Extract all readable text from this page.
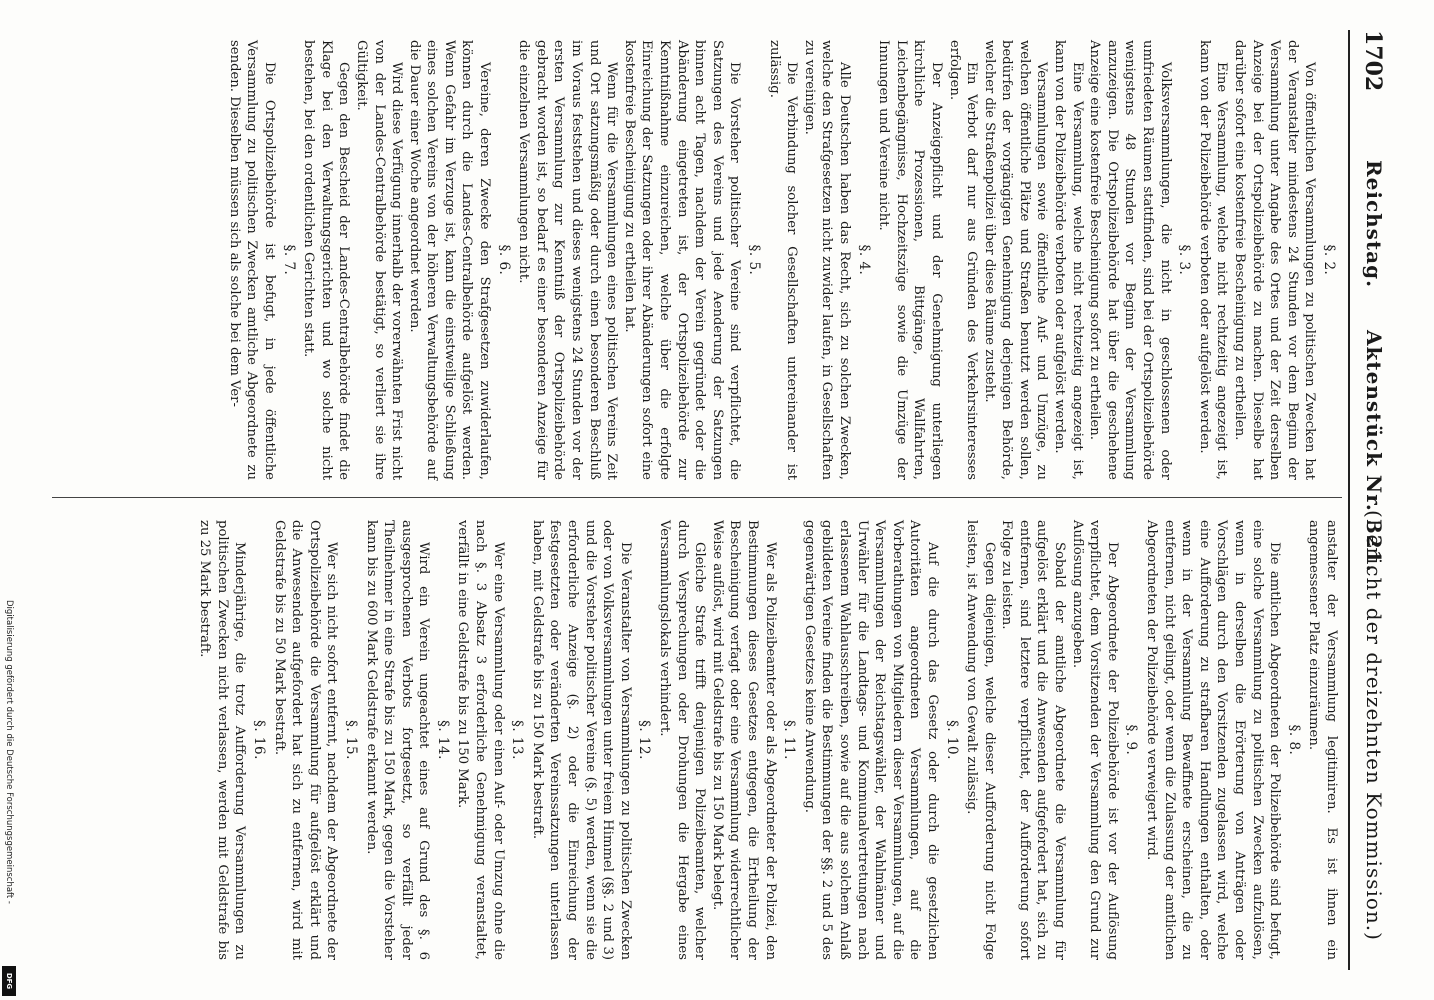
1702
Reichstag.
Aktenstück Nr. 321.
(Bericht der dreizehnten Kommission.)
§. 2.
Von öffentlichen Versammlungen zu politischen Zwecken hat der Veranstalter mindestens 24 Stunden vor dem Beginn der Versammlung unter Angabe des Ortes und der Zeit derselben Anzeige bei der Ortspolizeibehörde zu machen. Dieselbe hat darüber sofort eine kostenfreie Bescheinigung zu ertheilen.
Eine Versammlung, welche nicht rechtzeitig angezeigt ist, kann von der Polizeibehörde verboten oder aufgelöst werden.
§. 3.
Volksversammlungen, die nicht in geschlossenen oder umfriedeten Räumen stattfinden, sind bei der Ortspolizeibehörde wenigstens 48 Stunden vor Beginn der Versammlung anzuzeigen. Die Ortspolizeibehörde hat über die geschehene Anzeige eine kostenfreie Bescheinigung sofort zu ertheilen.
Eine Versammlung, welche nicht rechtzeitig angezeigt ist, kann von der Polizeibehörde verboten oder aufgelöst werden.
Versammlungen sowie öffentliche Auf- und Umzüge, zu welchen öffentliche Plätze und Straßen benutzt werden sollen, bedürfen der vorgängigen Genehmigung derjenigen Behörde, welcher die Straßenpolizei über diese Räume zusteht.
Ein Verbot darf nur aus Gründen des Verkehrsinteresses erfolgen.
Der Anzeigepflicht und der Genehmigung unterliegen kirchliche Prozessionen, Bittgänge, Wallfahrten, Leichenbegängnisse, Hochzeitszüge sowie die Umzüge der Innungen und Vereine nicht.
§. 4.
Alle Deutschen haben das Recht, sich zu solchen Zwecken, welche den Strafgesetzen nicht zuwider laufen, in Gesellschaften zu vereinigen.
Die Verbindung solcher Gesellschaften untereinander ist zulässig.
§. 5.
Die Vorsteher politischer Vereine sind verpflichtet, die Satzungen des Vereins und jede Aenderung der Satzungen binnen acht Tagen, nachdem der Verein gegründet oder die Abänderung eingetreten ist, der Ortspolizeibehörde zur Kenntnißnahme einzureichen, welche über die erfolgte Einreichung der Satzungen oder ihrer Abänderungen sofort eine kostenfreie Bescheinigung zu ertheilen hat.
Wenn für die Versammlungen eines politischen Vereins Zeit und Ort satzungsmäßig oder durch einen besonderen Beschluß im Voraus feststehen und dieses wenigstens 24 Stunden vor der ersten Versammlung zur Kenntniß der Ortspolizeibehörde gebracht worden ist, so bedarf es einer besonderen Anzeige für die einzelnen Versammlungen nicht.
§. 6.
Vereine, deren Zwecke den Strafgesetzen zuwiderlaufen, können durch die Landes-Centralbehörde aufgelöst werden. Wenn Gefahr im Verzuge ist, kann die einstweilige Schließung eines solchen Vereins von der höheren Verwaltungsbehörde auf die Dauer einer Woche angeordnet werden.
Wird diese Verfügung innerhalb der vorerwähnten Frist nicht von der Landes-Centralbehörde bestätigt, so verliert sie ihre Gültigkeit.
Gegen den Bescheid der Landes-Centralbehörde findet die Klage bei den Verwaltungsgerichten und wo solche nicht bestehen, bei den ordentlichen Gerichten statt.
§. 7.
Die Ortspolizeibehörde ist befugt, in jede öffentliche Versammlung zu politischen Zwecken amtliche Abgeordnete zu senden. Dieselben müssen sich als solche bei dem Ver-
anstalter der Versammlung legitimiren. Es ist ihnen ein angemessener Platz einzuräumen.
§. 8.
Die amtlichen Abgeordneten der Polizeibehörde sind befugt, eine solche Versammlung zu politischen Zwecken aufzulösen, wenn in derselben die Erörterung von Anträgen oder Vorschlägen durch den Vorsitzenden zugelassen wird, welche eine Aufforderung zu strafbaren Handlungen enthalten, oder wenn in der Versammlung Bewaffnete erscheinen, die zu entfernen, nicht gelingt, oder wenn die Zulassung der amtlichen Abgeordneten der Polizeibehörde verweigert wird.
§. 9.
Der Abgeordnete der Polizeibehörde ist vor der Auflösung verpflichtet, dem Vorsitzenden der Versammlung den Grund zur Auflösung anzugeben.
Sobald der amtliche Abgeordnete die Versammlung für aufgelöst erklärt und die Anwesenden aufgefordert hat, sich zu entfernen, sind letztere verpflichtet, der Aufforderung sofort Folge zu leisten.
Gegen diejenigen, welche dieser Aufforderung nicht Folge leisten, ist Anwendung von Gewalt zulässig.
§. 10.
Auf die durch das Gesetz oder durch die gesetzlichen Autoritäten angeordneten Versammlungen, auf die Vorberathungen von Mitgliedern dieser Versammlungen, auf die Versammlungen der Reichstagswähler, der Wahlmänner und Urwähler für die Landtags- und Kommunalvertretungen nach erlassenem Wahlausschreiben, sowie auf die aus solchem Anlaß gebildeten Vereine finden die Bestimmungen der §§. 2 und 5 des gegenwärtigen Gesetzes keine Anwendung.
§. 11.
Wer als Polizeibeamter oder als Abgeordneter der Polizei, den Bestimmungen dieses Gesetzes entgegen, die Ertheilung der Bescheinigung verfagt oder eine Versammlung widerrechtlicher Weise auflöst, wird mit Geldstrafe bis zu 150 Mark belegt.
Gleiche Strafe trifft denjenigen Polizeibeamten, welcher durch Versprechungen oder Drohungen die Hergabe eines Versammlungslokals verhindert.
§. 12.
Die Veranstalter von Versammlungen zu politischen Zwecken oder von Volksversammlungen unter freiem Himmel (§§. 2 und 3) und die Vorsteher politischer Vereine (§. 5) werden, wenn sie die erforderliche Anzeige (§. 2) oder die Einreichung der festgesetzten oder veränderten Vereinssatzungen unterlassen haben, mit Geldstrafe bis zu 150 Mark bestraft.
§. 13.
Wer eine Versammlung oder einen Auf- oder Umzug ohne die nach §. 3 Absatz 3 erforderliche Genehmigung veranstaltet, verfällt in eine Geldstrafe bis zu 150 Mark.
§. 14.
Wird ein Verein ungeachtet eines auf Grund des §. 6 ausgesprochenen Verbots fortgesetzt, so verfällt jeder Theilnehmer in eine Strafe bis zu 150 Mark, gegen die Vorsteher kann bis zu 600 Mark Geldstrafe erkannt werden.
§. 15.
Wer sich nicht sofort entfernt, nachdem der Abgeordnete der Ortspolizeibehörde die Versammlung für aufgelöst erklärt und die Anwesenden aufgefordert hat sich zu entfernen, wird mit Geldstrafe bis zu 50 Mark bestraft.
§. 16.
Minderjährige, die trotz Aufforderung Versammlungen zu politischen Zwecken nicht verlassen, werden mit Geldstrafe bis zu 25 Mark bestraft.
Digitalisierung gefördert durch die Deutsche Forschungsgemeinschaft -
DFG
